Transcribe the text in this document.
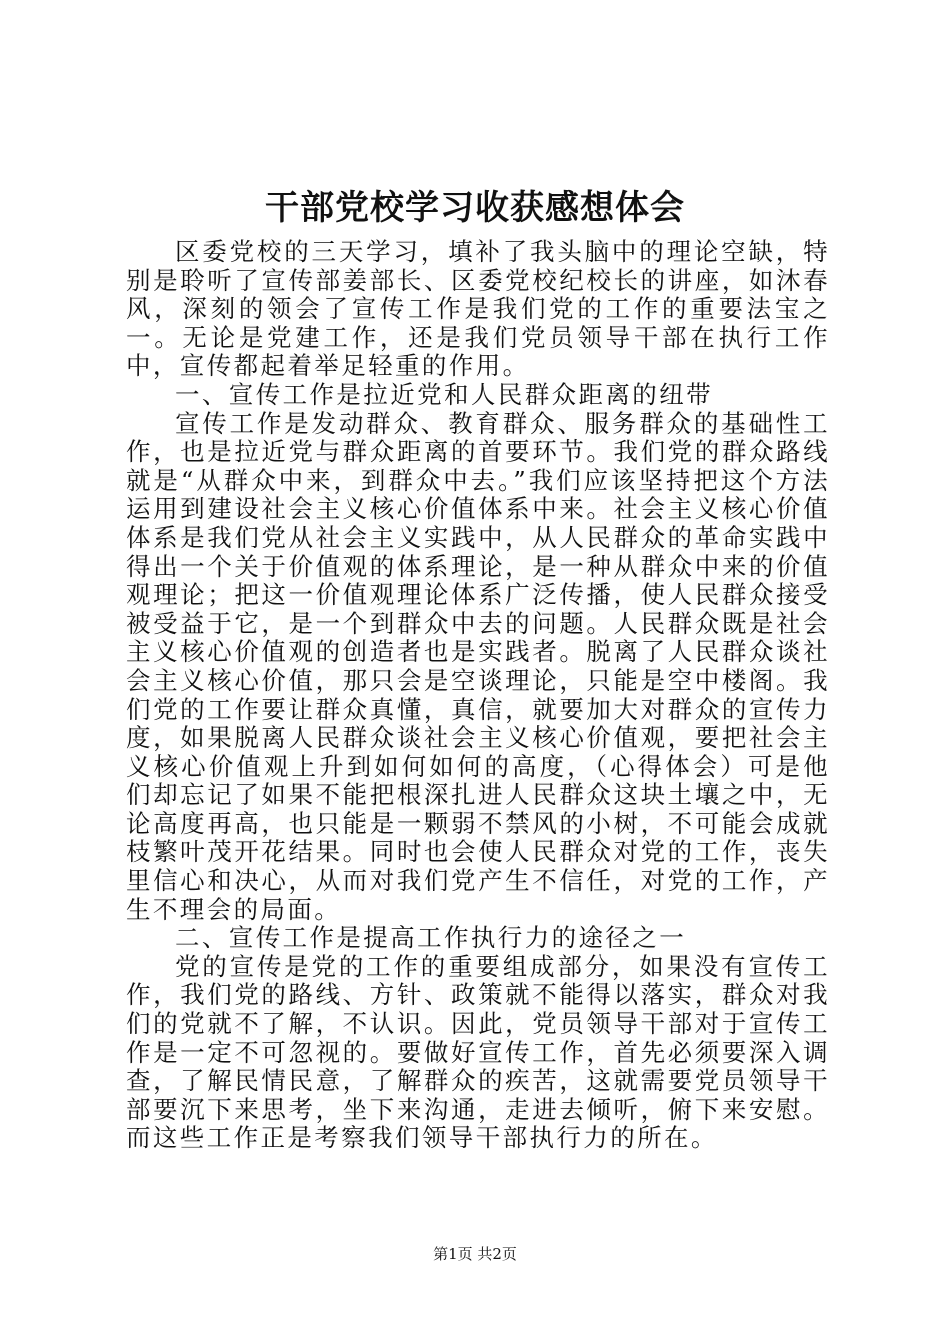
干部党校学习收获感想体会

区委党校的三天学习，填补了我头脑中的理论空缺，特别是聆听了宣传部姜部长、区委党校纪校长的讲座，如沐春风，深刻的领会了宣传工作是我们党的工作的重要法宝之一。无论是党建工作，还是我们党员领导干部在执行工作中，宣传都起着举足轻重的作用。

一、宣传工作是拉近党和人民群众距离的纽带

宣传工作是发动群众、教育群众、服务群众的基础性工作，也是拉近党与群众距离的首要环节。我们党的群众路线就是“从群众中来，到群众中去。”我们应该坚持把这个方法运用到建设社会主义核心价值体系中来。社会主义核心价值体系是我们党从社会主义实践中，从人民群众的革命实践中得出一个关于价值观的体系理论，是一种从群众中来的价值观理论；把这一价值观理论体系广泛传播，使人民群众接受被受益于它，是一个到群众中去的问题。人民群众既是社会主义核心价值观的创造者也是实践者。脱离了人民群众谈社会主义核心价值，那只会是空谈理论，只能是空中楼阁。我们党的工作要让群众真懂，真信，就要加大对群众的宣传力度，如果脱离人民群众谈社会主义核心价值观，要把社会主义核心价值观上升到如何如何的高度，（心得体会）可是他们却忘记了如果不能把根深扎进人民群众这块土壤之中，无论高度再高，也只能是一颗弱不禁风的小树，不可能会成就枝繁叶茂开花结果。同时也会使人民群众对党的工作，丧失里信心和决心，从而对我们党产生不信任，对党的工作，产生不理会的局面。

二、宣传工作是提高工作执行力的途径之一

党的宣传是党的工作的重要组成部分，如果没有宣传工作，我们党的路线、方针、政策就不能得以落实，群众对我们的党就不了解，不认识。因此，党员领导干部对于宣传工作是一定不可忽视的。要做好宣传工作，首先必须要深入调查，了解民情民意，了解群众的疾苦，这就需要党员领导干部要沉下来思考，坐下来沟通，走进去倾听，俯下来安慰。而这些工作正是考察我们领导干部执行力的所在。

第1页 共2页
